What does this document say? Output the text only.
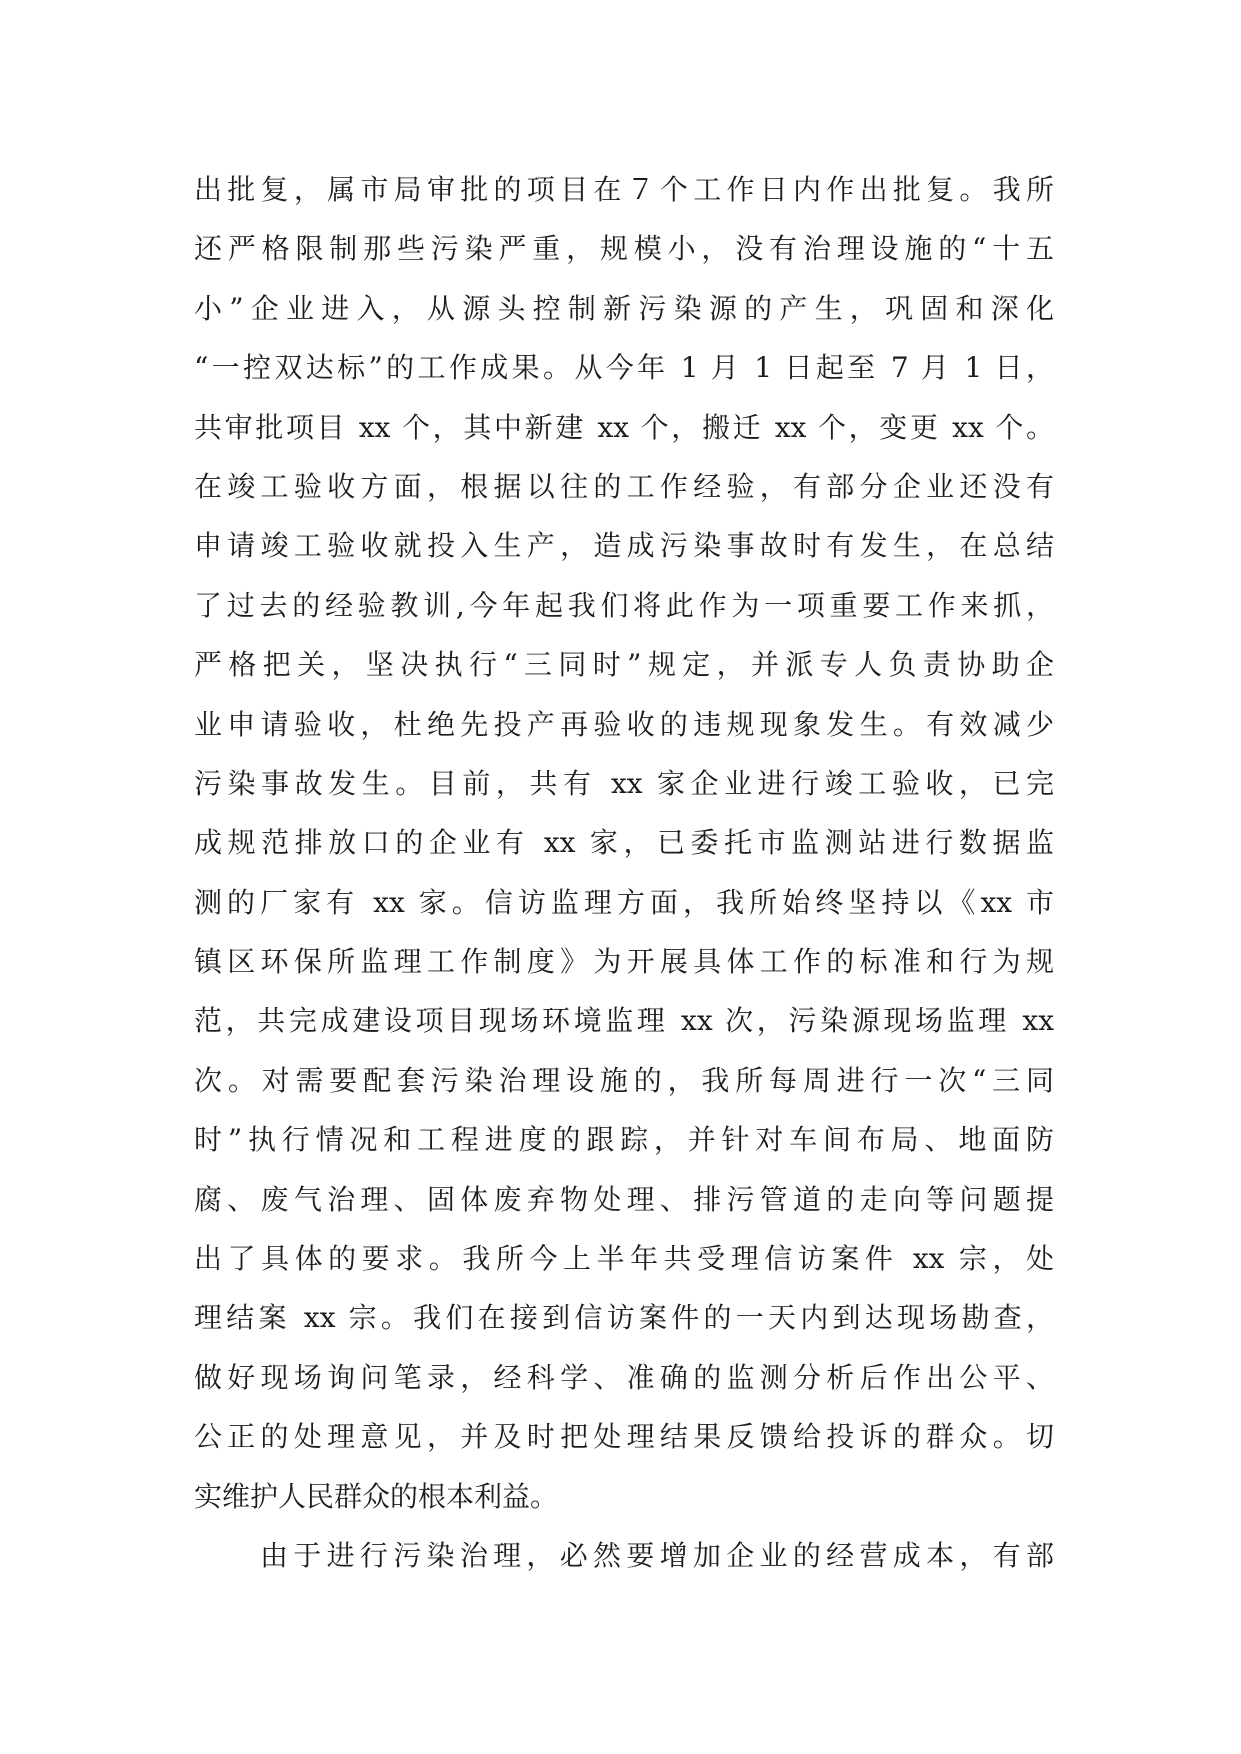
出批复，属市局审批的项目在７个工作日内作出批复。我所
还严格限制那些污染严重，规模小，没有治理设施的“十五
小”企业进入，从源头控制新污染源的产生，巩固和深化
“一控双达标”的工作成果。从今年 1 月 1 日起至 7 月 1 日，
共审批项目 xx 个，其中新建 xx 个，搬迁 xx 个，变更 xx 个。
在竣工验收方面，根据以往的工作经验，有部分企业还没有
申请竣工验收就投入生产，造成污染事故时有发生，在总结
了过去的经验教训,今年起我们将此作为一项重要工作来抓，
严格把关，坚决执行“三同时”规定，并派专人负责协助企
业申请验收，杜绝先投产再验收的违规现象发生。有效减少
污染事故发生。目前，共有 xx 家企业进行竣工验收，已完
成规范排放口的企业有 xx 家，已委托市监测站进行数据监
测的厂家有 xx 家。信访监理方面，我所始终坚持以《xx 市
镇区环保所监理工作制度》为开展具体工作的标准和行为规
范，共完成建设项目现场环境监理 xx 次，污染源现场监理 xx
次。对需要配套污染治理设施的，我所每周进行一次“三同
时”执行情况和工程进度的跟踪，并针对车间布局、地面防
腐、废气治理、固体废弃物处理、排污管道的走向等问题提
出了具体的要求。我所今上半年共受理信访案件 xx 宗，处
理结案 xx 宗。我们在接到信访案件的一天内到达现场勘查，
做好现场询问笔录，经科学、准确的监测分析后作出公平、
公正的处理意见，并及时把处理结果反馈给投诉的群众。切
实维护人民群众的根本利益。
由于进行污染治理，必然要增加企业的经营成本，有部
